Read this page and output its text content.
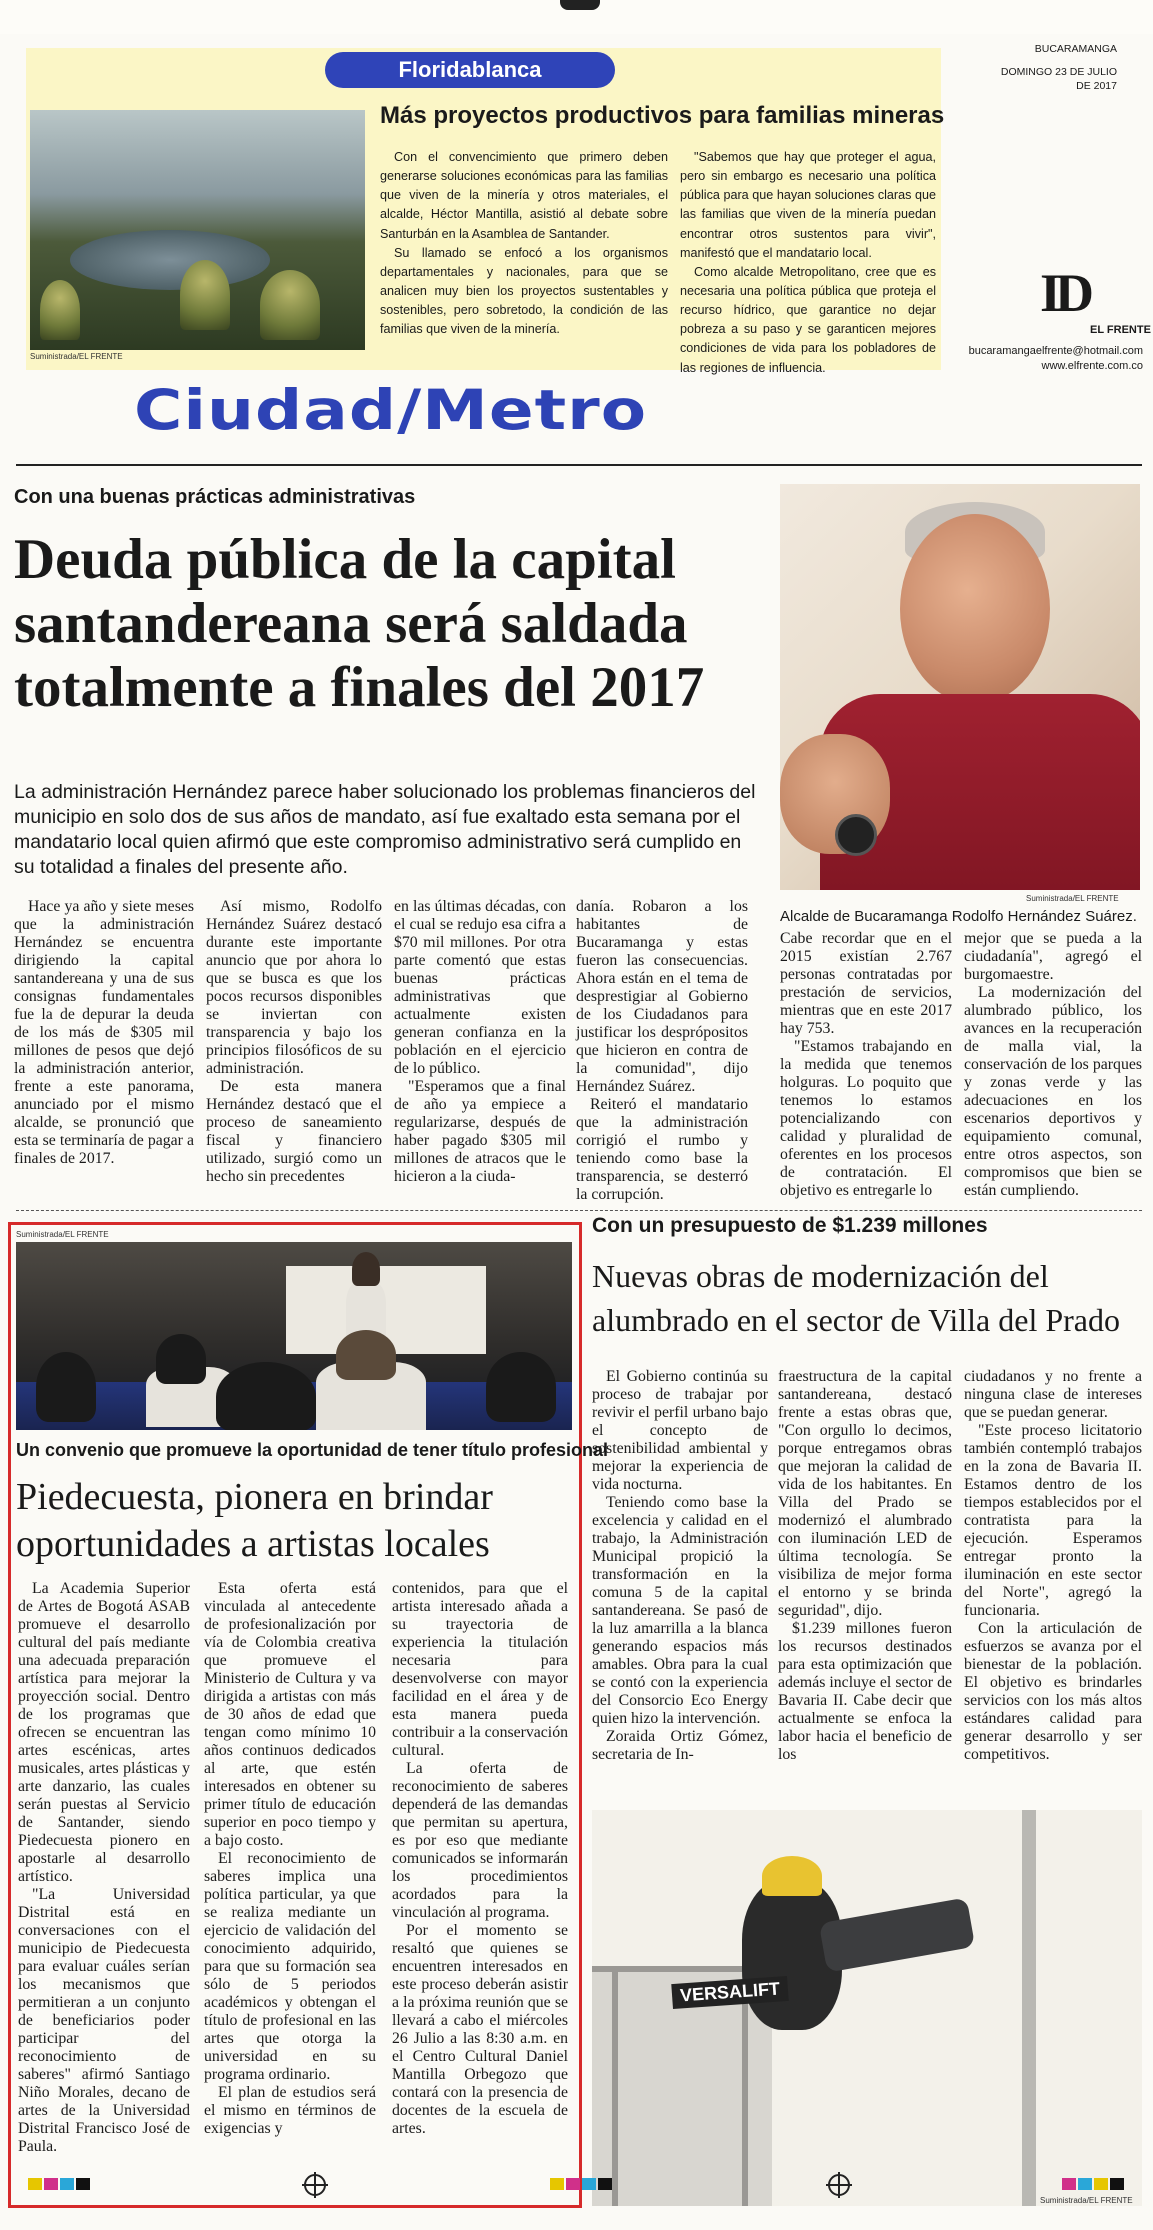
Suministrada/EL FRENTE
Floridablanca
Más proyectos productivos para familias mineras
Con el convencimiento que primero deben generarse soluciones económicas para las familias que viven de la minería y otros materiales, el alcalde, Héctor Mantilla, asistió al debate sobre Santurbán en la Asamblea de Santander.
Su llamado se enfocó a los organismos departamentales y nacionales, para que se analicen muy bien los proyectos sustentables y sostenibles, pero sobretodo, la condición de las familias que viven de la minería.
"Sabemos que hay que proteger el agua, pero sin embargo es necesario una política pública para que hayan soluciones claras que las familias que viven de la minería puedan encontrar otros sustentos para vivir", manifestó que el mandatario local.
Como alcalde Metropolitano, cree que es necesaria una política pública que proteja el recurso hídrico, que garantice no dejar pobreza a su paso y se garanticen mejores condiciones de vida para los pobladores de las regiones de influencia.
BUCARAMANGA
DOMINGO 23 DE JULIO DE 2017
ID
EL FRENTE
bucaramangaelfrente@hotmail.com
www.elfrente.com.co
Ciudad/Metro
Con una buenas prácticas administrativas
Deuda pública de la capital santandereana será saldada totalmente a finales del 2017
La administración Hernández parece haber solucionado los problemas financieros del municipio en solo dos de sus años de mandato, así fue exaltado esta semana por el mandatario local quien afirmó que este compromiso administrativo será cumplido en su totalidad a finales del presente año.
Suministrada/EL FRENTE
Alcalde de Bucaramanga Rodolfo Hernández Suárez.

Hace ya año y siete meses que la administración Hernández se encuentra dirigiendo la capital santandereana y una de sus consignas fundamentales fue la de depurar la deuda de los más de $305 mil millones de pesos que dejó la administración anterior, frente a este panorama, anunciado por el mismo alcalde, se pronunció que esta se terminaría de pagar a finales de 2017.

Así mismo, Rodolfo Hernández Suárez destacó durante este importante anuncio que por ahora lo que se busca es que los pocos recursos disponibles se inviertan con transparencia y bajo los principios filosóficos de su administración.

De esta manera Hernández destacó que el proceso de saneamiento fiscal y financiero utilizado, surgió como un hecho sin precedentes

en las últimas décadas, con el cual se redujo esa cifra a $70 mil millones. Por otra parte comentó que estas buenas prácticas administrativas que actualmente existen generan confianza en la población en el ejercicio de lo público.

"Esperamos que a final de año ya empiece a regularizarse, después de haber pagado $305 mil millones de atracos que le hicieron a la ciuda-

danía. Robaron a los habitantes de Bucaramanga y estas fueron las consecuencias. Ahora están en el tema de desprestigiar al Gobierno de los Ciudadanos para justificar los desprópositos que hicieron en contra de la comunidad", dijo Hernández Suárez.

Reiteró el mandatario que la administración corrigió el rumbo y teniendo como base la transparencia, se desterró la corrupción.

Cabe recordar que en el 2015 existían 2.767 personas contratadas por prestación de servicios, mientras que en este 2017 hay 753.

"Estamos trabajando en la medida que tenemos holguras. Lo poquito que tenemos lo estamos potencializando con calidad y pluralidad de oferentes en los procesos de contratación. El objetivo es entregarle lo

mejor que se pueda a la ciudadanía", agregó el burgomaestre.

La modernización del alumbrado público, los avances en la recuperación de malla vial, la conservación de los parques y zonas verde y las adecuaciones en los escenarios deportivos y equipamiento comunal, entre otros aspectos, son compromisos que bien se están cumpliendo.

Suministrada/EL FRENTE
Un convenio que promueve la oportunidad de tener título profesional
Piedecuesta, pionera en brindar oportunidades a artistas locales

La Academia Superior de Artes de Bogotá ASAB promueve el desarrollo cultural del país mediante una adecuada preparación artística para mejorar la proyección social. Dentro de los programas que ofrecen se encuentran las artes escénicas, artes musicales, artes plásticas y arte danzario, las cuales serán puestas al Servicio de Santander, siendo Piedecuesta pionero en apostarle al desarrollo artístico.

"La Universidad Distrital está en conversaciones con el municipio de Piedecuesta para evaluar cuáles serían los mecanismos que permitieran a un conjunto de beneficiarios poder participar del reconocimiento de saberes" afirmó Santiago Niño Morales, decano de artes de la Universidad Distrital Francisco José de Paula.

Esta oferta está vinculada al antecedente de profesionalización por vía de Colombia creativa que promueve el Ministerio de Cultura y va dirigida a artistas con más de 30 años de edad que tengan como mínimo 10 años continuos dedicados al arte, que estén interesados en obtener su primer título de educación superior en poco tiempo y a bajo costo.

El reconocimiento de saberes implica una política particular, ya que se realiza mediante un ejercicio de validación del conocimiento adquirido, para que su formación sea sólo de 5 periodos académicos y obtengan el título de profesional en las artes que otorga la universidad en su programa ordinario.

El plan de estudios será el mismo en términos de exigencias y

contenidos, para que el artista interesado añada a su trayectoria de experiencia la titulación necesaria para desenvolverse con mayor facilidad en el área y de esta manera pueda contribuir a la conservación cultural.

La oferta de reconocimiento de saberes dependerá de las demandas que permitan su apertura, es por eso que mediante comunicados se informarán los procedimientos acordados para la vinculación al programa.

Por el momento se resaltó que quienes se encuentren interesados en este proceso deberán asistir a la próxima reunión que se llevará a cabo el miércoles 26 Julio a las 8:30 a.m. en el Centro Cultural Daniel Mantilla Orbegozo que contará con la presencia de docentes de la escuela de artes.

Con un presupuesto de $1.239 millones
Nuevas obras de modernización del alumbrado en el sector de Villa del Prado

El Gobierno continúa su proceso de trabajar por revivir el perfil urbano bajo el concepto de sostenibilidad ambiental y mejorar la experiencia de vida nocturna.

Teniendo como base la excelencia y calidad en el trabajo, la Administración Municipal propició la transformación en la comuna 5 de la capital santandereana. Se pasó de la luz amarrilla a la blanca generando espacios más amables. Obra para la cual se contó con la experiencia del Consorcio Eco Energy quien hizo la intervención.

Zoraida Ortiz Gómez, secretaria de In-

fraestructura de la capital santandereana, destacó frente a estas obras que, "Con orgullo lo decimos, porque entregamos obras que mejoran la calidad de vida de los habitantes. En Villa del Prado se modernizó el alumbrado con iluminación LED de última tecnología. Se visibiliza de mejor forma el entorno y se brinda seguridad", dijo.

$1.239 millones fueron los recursos destinados para esta optimización que además incluye el sector de Bavaria II. Cabe decir que actualmente se enfoca la labor hacia el beneficio de los

ciudadanos y no frente a ninguna clase de intereses que se puedan generar.

"Este proceso licitatorio también contempló trabajos en la zona de Bavaria II. Estamos dentro de los tiempos establecidos por el contratista para la ejecución. Esperamos entregar pronto la iluminación en este sector del Norte", agregó la funcionaria.

Con la articulación de esfuerzos se avanza por el bienestar de la población. El objetivo es brindarles servicios con los más altos estándares calidad para generar desarrollo y ser competitivos.

VERSALIFT
Suministrada/EL FRENTE
